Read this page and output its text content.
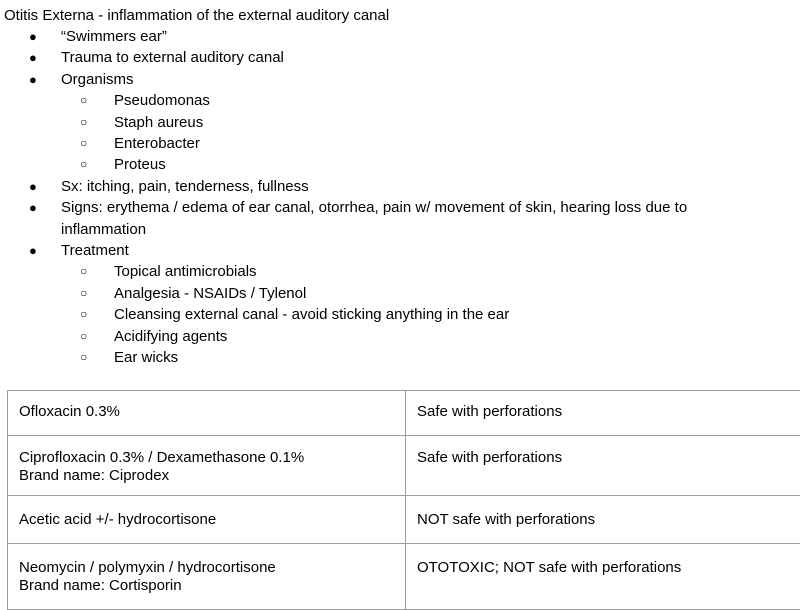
Otitis Externa - inflammation of the external auditory canal
● “Swimmers ear”
● Trauma to external auditory canal
● Organisms
○ Pseudomonas
○ Staph aureus
○ Enterobacter
○ Proteus
● Sx: itching, pain, tenderness, fullness
● Signs: erythema / edema of ear canal, otorrhea, pain w/ movement of skin, hearing loss due to inflammation
● Treatment
○ Topical antimicrobials
○ Analgesia - NSAIDs / Tylenol
○ Cleansing external canal - avoid sticking anything in the ear
○ Acidifying agents
○ Ear wicks
Ofloxacin 0.3%	Safe with perforations

Ciprofloxacin 0.3% / Dexamethasone 0.1%
Brand name: Ciprodex	Safe with perforations

Acetic acid +/- hydrocortisone	NOT safe with perforations

Neomycin / polymyxin / hydrocortisone
Brand name: Cortisporin	OTOTOXIC; NOT safe with perforations
